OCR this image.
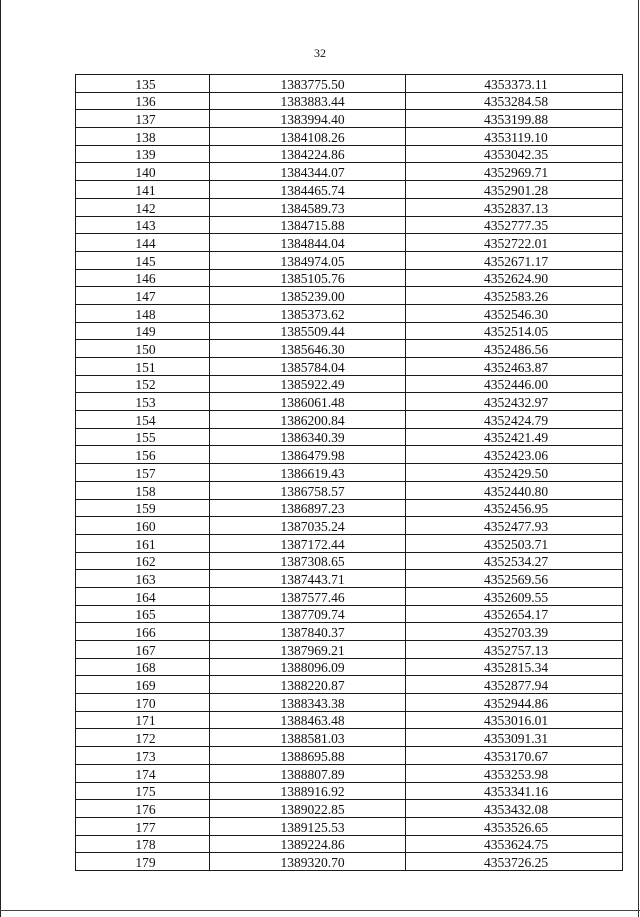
32
135	1383775.50	4353373.11
136	1383883.44	4353284.58
137	1383994.40	4353199.88
138	1384108.26	4353119.10
139	1384224.86	4353042.35
140	1384344.07	4352969.71
141	1384465.74	4352901.28
142	1384589.73	4352837.13
143	1384715.88	4352777.35
144	1384844.04	4352722.01
145	1384974.05	4352671.17
146	1385105.76	4352624.90
147	1385239.00	4352583.26
148	1385373.62	4352546.30
149	1385509.44	4352514.05
150	1385646.30	4352486.56
151	1385784.04	4352463.87
152	1385922.49	4352446.00
153	1386061.48	4352432.97
154	1386200.84	4352424.79
155	1386340.39	4352421.49
156	1386479.98	4352423.06
157	1386619.43	4352429.50
158	1386758.57	4352440.80
159	1386897.23	4352456.95
160	1387035.24	4352477.93
161	1387172.44	4352503.71
162	1387308.65	4352534.27
163	1387443.71	4352569.56
164	1387577.46	4352609.55
165	1387709.74	4352654.17
166	1387840.37	4352703.39
167	1387969.21	4352757.13
168	1388096.09	4352815.34
169	1388220.87	4352877.94
170	1388343.38	4352944.86
171	1388463.48	4353016.01
172	1388581.03	4353091.31
173	1388695.88	4353170.67
174	1388807.89	4353253.98
175	1388916.92	4353341.16
176	1389022.85	4353432.08
177	1389125.53	4353526.65
178	1389224.86	4353624.75
179	1389320.70	4353726.25
